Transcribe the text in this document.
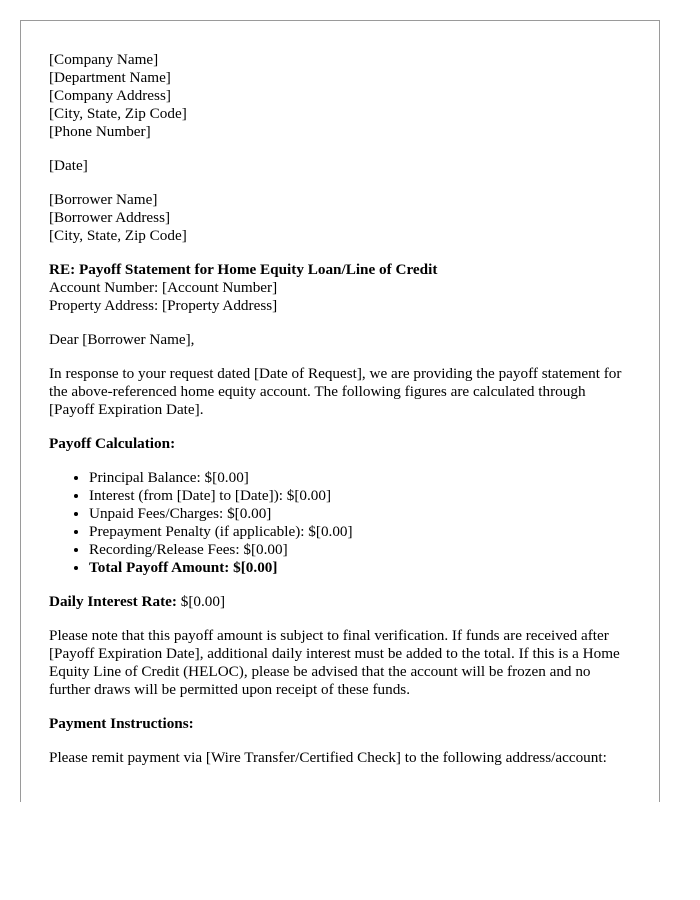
[Company Name]
[Department Name]
[Company Address]
[City, State, Zip Code]
[Phone Number]
[Date]
[Borrower Name]
[Borrower Address]
[City, State, Zip Code]
RE: Payoff Statement for Home Equity Loan/Line of Credit
Account Number: [Account Number]
Property Address: [Property Address]

Dear [Borrower Name],

In response to your request dated [Date of Request], we are providing the payoff statement for the above-referenced home equity account. The following figures are calculated through [Payoff Expiration Date].

Payoff Calculation:

• Principal Balance: $[0.00]
• Interest (from [Date] to [Date]): $[0.00]
• Unpaid Fees/Charges: $[0.00]
• Prepayment Penalty (if applicable): $[0.00]
• Recording/Release Fees: $[0.00]
• Total Payoff Amount: $[0.00]

Daily Interest Rate: $[0.00]

Please note that this payoff amount is subject to final verification. If funds are received after [Payoff Expiration Date], additional daily interest must be added to the total. If this is a Home Equity Line of Credit (HELOC), please be advised that the account will be frozen and no further draws will be permitted upon receipt of these funds.

Payment Instructions:

Please remit payment via [Wire Transfer/Certified Check] to the following address/account:
